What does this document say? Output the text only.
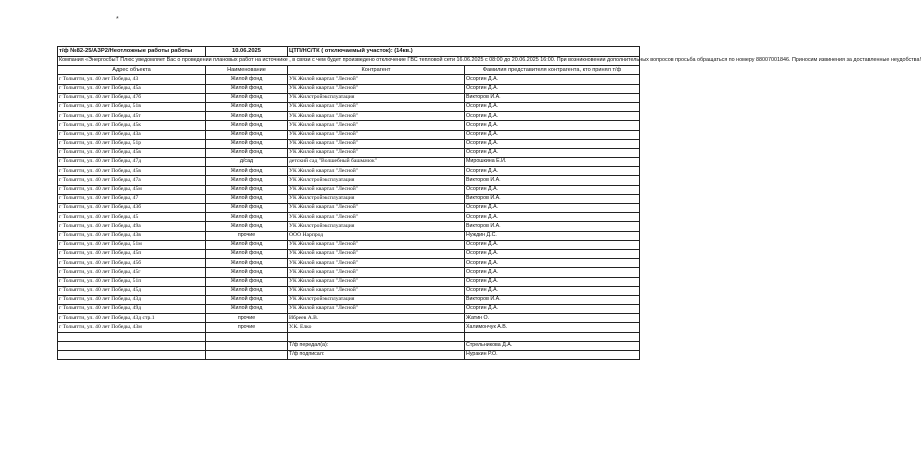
*
т/ф №82-25/АЗР2/Неотложные работы работы	10.06.2025	ЦТП/НС/ТК ( отключаемый участок): (14кв.)	
Компания «ЭнергосбыТ Плюс уведомляет Вас о проведении плановых работ на источнике , в связи с чем будет произведено отключение ГВС тепловой сети 16.06.2025 с 08:00 до 20.06.2025 16:00. При возникновении дополнительных вопросов просьба обращаться по номеру 88007001846. Приносим извинения за доставленные неудобства!			
Адрес объекта	Наименование	Контрагент	Фамилия представителя контрагента, кто принял т/ф
г Тольятти, ул. 40 лет Победы, 43	Жилой фонд	УК Жилой квартал "Лесной"	Осоргин Д.А.
г Тольятти, ул. 40 лет Победы, 45а	Жилой фонд	УК Жилой квартал "Лесной"	Осоргин Д.А.
г Тольятти, ул. 40 лет Победы, 47б	Жилой фонд	УК Жилстройэксплуатация	Викторов И.А.
г Тольятти, ул. 40 лет Победы, 51в	Жилой фонд	УК Жилой квартал "Лесной"	Осоргин Д.А.
г Тольятти, ул. 40 лет Победы, 45т	Жилой фонд	УК Жилой квартал "Лесной"	Осоргин Д.А.
г Тольятти, ул. 40 лет Победы, 45к	Жилой фонд	УК Жилой квартал "Лесной"	Осоргин Д.А.
г Тольятти, ул. 40 лет Победы, 43а	Жилой фонд	УК Жилой квартал "Лесной"	Осоргин Д.А.
г Тольятти, ул. 40 лет Победы, 51р	Жилой фонд	УК Жилой квартал "Лесной"	Осоргин Д.А.
г Тольятти, ул. 40 лет Победы, 45в	Жилой фонд	УК Жилой квартал "Лесной"	Осоргин Д.А.
г Тольятти, ул. 40 лет Победы, 47д	д/сад	детский сад "Волшебный башмачок"	Мирошкина Е.И.
г Тольятти, ул. 40 лет Победы, 45в	Жилой фонд	УК Жилой квартал "Лесной"	Осоргин Д.А.
г Тольятти, ул. 40 лет Победы, 47а	Жилой фонд	УК Жилстройэксплуатация	Викторов И.А.
г Тольятти, ул. 40 лет Победы, 45м	Жилой фонд	УК Жилой квартал "Лесной"	Осоргин Д.А.
г Тольятти, ул. 40 лет Победы, 47	Жилой фонд	УК Жилстройэксплуатация	Викторов И.А.
г Тольятти, ул. 40 лет Победы, 43б	Жилой фонд	УК Жилой квартал "Лесной"	Осоргин Д.А.
г Тольятти, ул. 40 лет Победы, 45	Жилой фонд	УК Жилой квартал "Лесной"	Осоргин Д.А.
г Тольятти, ул. 40 лет Победы, 49а	Жилой фонд	УК Жилстройэксплуатация	Викторов И.А.
г Тольятти, ул. 40 лет Победы, 43в	прочие	ООО Нарпрод	Нуждин Д.С.
г Тольятти, ул. 40 лет Победы, 51м	Жилой фонд	УК Жилой квартал "Лесной"	Осоргин Д.А.
г Тольятти, ул. 40 лет Победы, 45п	Жилой фонд	УК Жилой квартал "Лесной"	Осоргин Д.А.
г Тольятти, ул. 40 лет Победы, 45б	Жилой фонд	УК Жилой квартал "Лесной"	Осоргин Д.А.
г Тольятти, ул. 40 лет Победы, 45г	Жилой фонд	УК Жилой квартал "Лесной"	Осоргин Д.А.
г Тольятти, ул. 40 лет Победы, 51п	Жилой фонд	УК Жилой квартал "Лесной"	Осоргин Д.А.
г Тольятти, ул. 40 лет Победы, 45д	Жилой фонд	УК Жилой квартал "Лесной"	Осоргин Д.А.
г Тольятти, ул. 40 лет Победы, 43д	Жилой фонд	УК Жилстройэксплуатация	Викторов И.А.
г Тольятти, ул. 40 лет Победы, 49д	Жилой фонд	УК Жилой квартал "Лесной"	Осоргин Д.А.
г Тольятти, ул. 40 лет Победы, 43д стр.1	прочие	Ибреев А.В.	Жатин О.
г Тольятти, ул. 40 лет Победы, 43м	прочие	У.К. Елко	Халимончук А.В.

		Т/ф передал(а):	Стрельникова Д.А.
		Т/ф подписал:	Нуракин Р.О.
